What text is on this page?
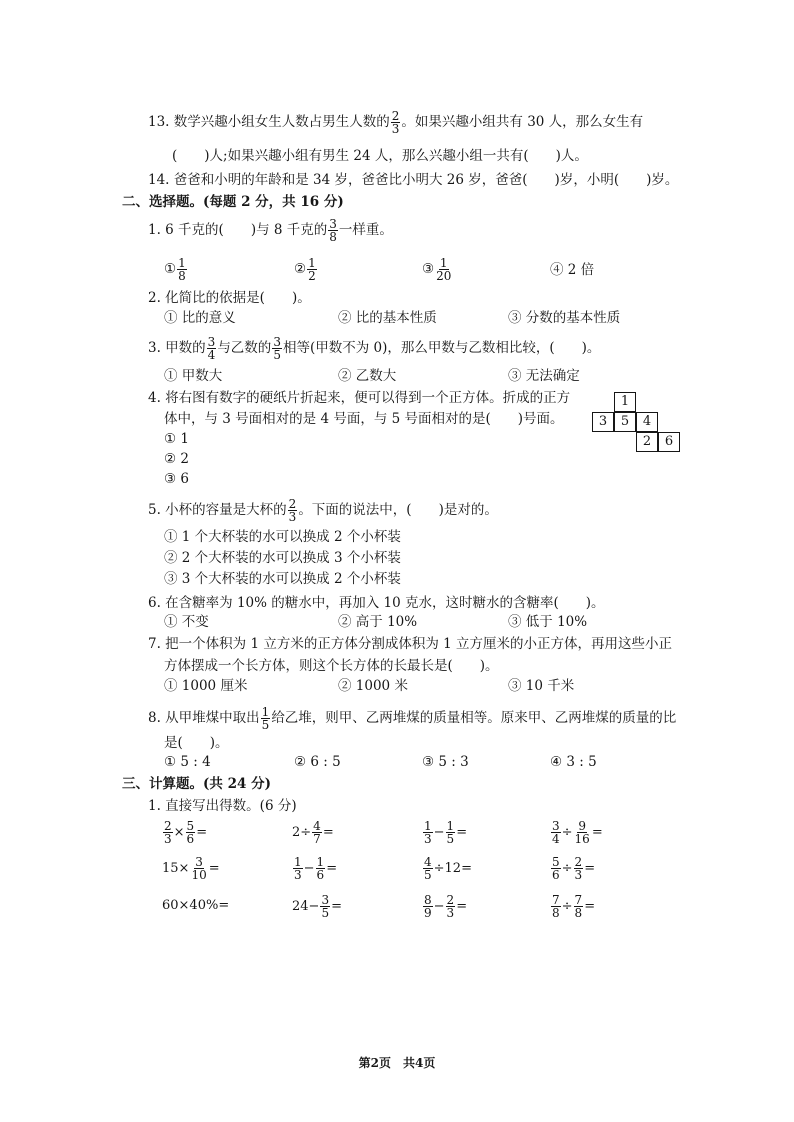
13. 数学兴趣小组女生人数占男生人数的 $\frac{2}{3}$ 。如果兴趣小组共有 30 人，那么女生有
(　　)人;如果兴趣小组有男生 24 人，那么兴趣小组一共有(　　)人。
14. 爸爸和小明的年龄和是 34 岁，爸爸比小明大 26 岁，爸爸(　　)岁，小明(　　)岁。
二、选择题。(每题 2 分，共 16 分)
1. 6 千克的(　　)与 8 千克的 $\frac{3}{8}$ 一样重。
① $\frac{1}{8}$	② $\frac{1}{2}$	③ $\frac{1}{20}$	④ 2 倍
2. 化简比的依据是(　　)。
① 比的意义	② 比的基本性质	③ 分数的基本性质
3. 甲数的 $\frac{3}{4}$ 与乙数的 $\frac{3}{5}$ 相等(甲数不为 0)，那么甲数与乙数相比较，(　　)。
① 甲数大	② 乙数大	③ 无法确定
4. 将右图有数字的硬纸片折起来，便可以得到一个正方体。折成的正方
体中，与 3 号面相对的是 4 号面，与 5 号面相对的是(　　)号面。
① 1
② 2
③ 6
1
3	5	4
2	6
5. 小杯的容量是大杯的 $\frac{2}{3}$ 。下面的说法中，(　　)是对的。
① 1 个大杯装的水可以换成 2 个小杯装
② 2 个大杯装的水可以换成 3 个小杯装
③ 3 个大杯装的水可以换成 2 个小杯装
6. 在含糖率为 10% 的糖水中，再加入 10 克水，这时糖水的含糖率(　　)。
① 不变	② 高于 10%	③ 低于 10%
7. 把一个体积为 1 立方米的正方体分割成体积为 1 立方厘米的小正方体，再用这些小正
方体摆成一个长方体，则这个长方体的长最长是(　　)。
① 1000 厘米	② 1000 米	③ 10 千米
8. 从甲堆煤中取出 $\frac{1}{5}$ 给乙堆，则甲、乙两堆煤的质量相等。原来甲、乙两堆煤的质量的比
是(　　)。
① 5 : 4	② 6 : 5	③ 5 : 3	④ 3 : 5
三、计算题。(共 24 分)
1. 直接写出得数。(6 分)
$\frac{2}{3} \times \frac{5}{6}$ =	$2\div \frac{4}{7}$ =	$\frac{1}{3} - \frac{1}{5}$ =	$\frac{3}{4} \div \frac{9}{16}$ =
$15\times \frac{3}{10}$ =	$\frac{1}{3} - \frac{1}{6}$ =	$\frac{4}{5} \div 12=$	$\frac{5}{6} \div \frac{2}{3}$ =
60×40%=	$24- \frac{3}{5}$ =	$\frac{8}{9} - \frac{2}{3}$ =	$\frac{7}{8} \div \frac{7}{8}$ =
第2页　共4页
